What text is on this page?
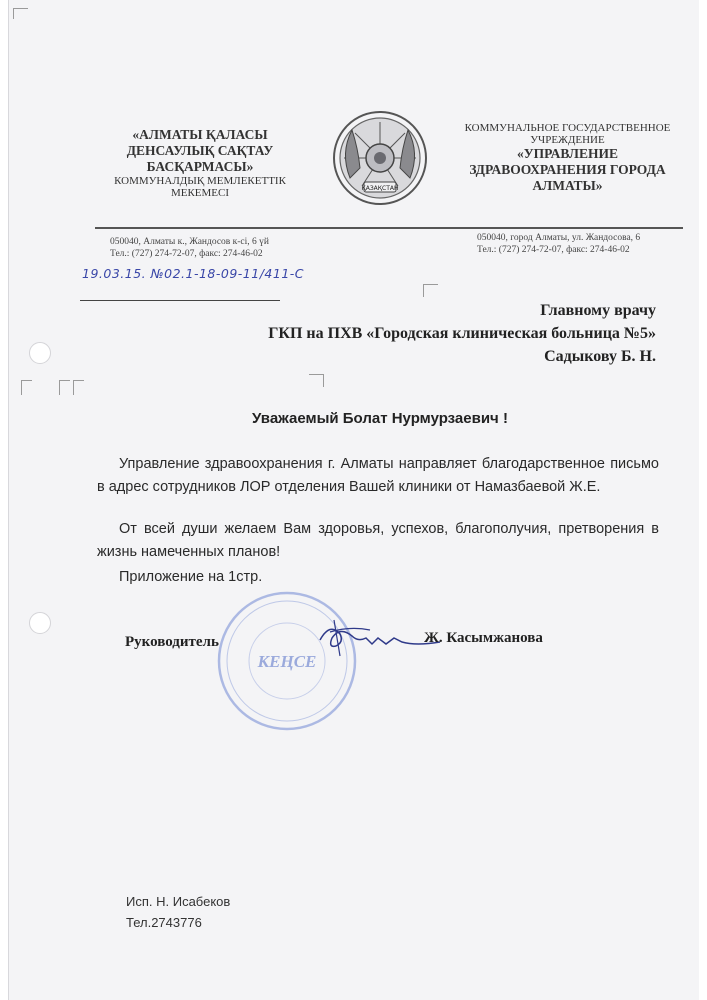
«АЛМАТЫ ҚАЛАСЫ ДЕНСАУЛЫҚ САҚТАУ БАСҚАРМАСЫ»
КОММУНАЛДЫҚ МЕМЛЕКЕТТІК МЕКЕМЕСІ	ҚАЗАҚСТАН
КОММУНАЛЬНОЕ ГОСУДАРСТВЕННОЕ УЧРЕЖДЕНИЕ
«УПРАВЛЕНИЕ ЗДРАВООХРАНЕНИЯ ГОРОДА АЛМАТЫ»
050040, Алматы к., Жандосов к-сі, 6 үй
Тел.: (727) 274-72-07, факс: 274-46-02
050040, город Алматы, ул. Жандосова, 6
Тел.: (727) 274-72-07, факс: 274-46-02
19.03.15. №02.1-18-09-11/411-С
Главному врачу
ГКП на ПХВ «Городская клиническая больница №5»
Садыкову Б. Н.
Уважаемый Болат Нурмурзаевич !
Управление здравоохранения г. Алматы направляет благодарственное письмо в адрес сотрудников ЛОР отделения Вашей клиники от Намазбаевой Ж.Е.
От всей души желаем Вам здоровья, успехов, благополучия, претворения в жизнь намеченных планов!
Приложение на 1стр.
КЕҢСЕ
Руководитель	Ж. Касымжанова
Исп. Н. Исабеков
Тел.2743776
